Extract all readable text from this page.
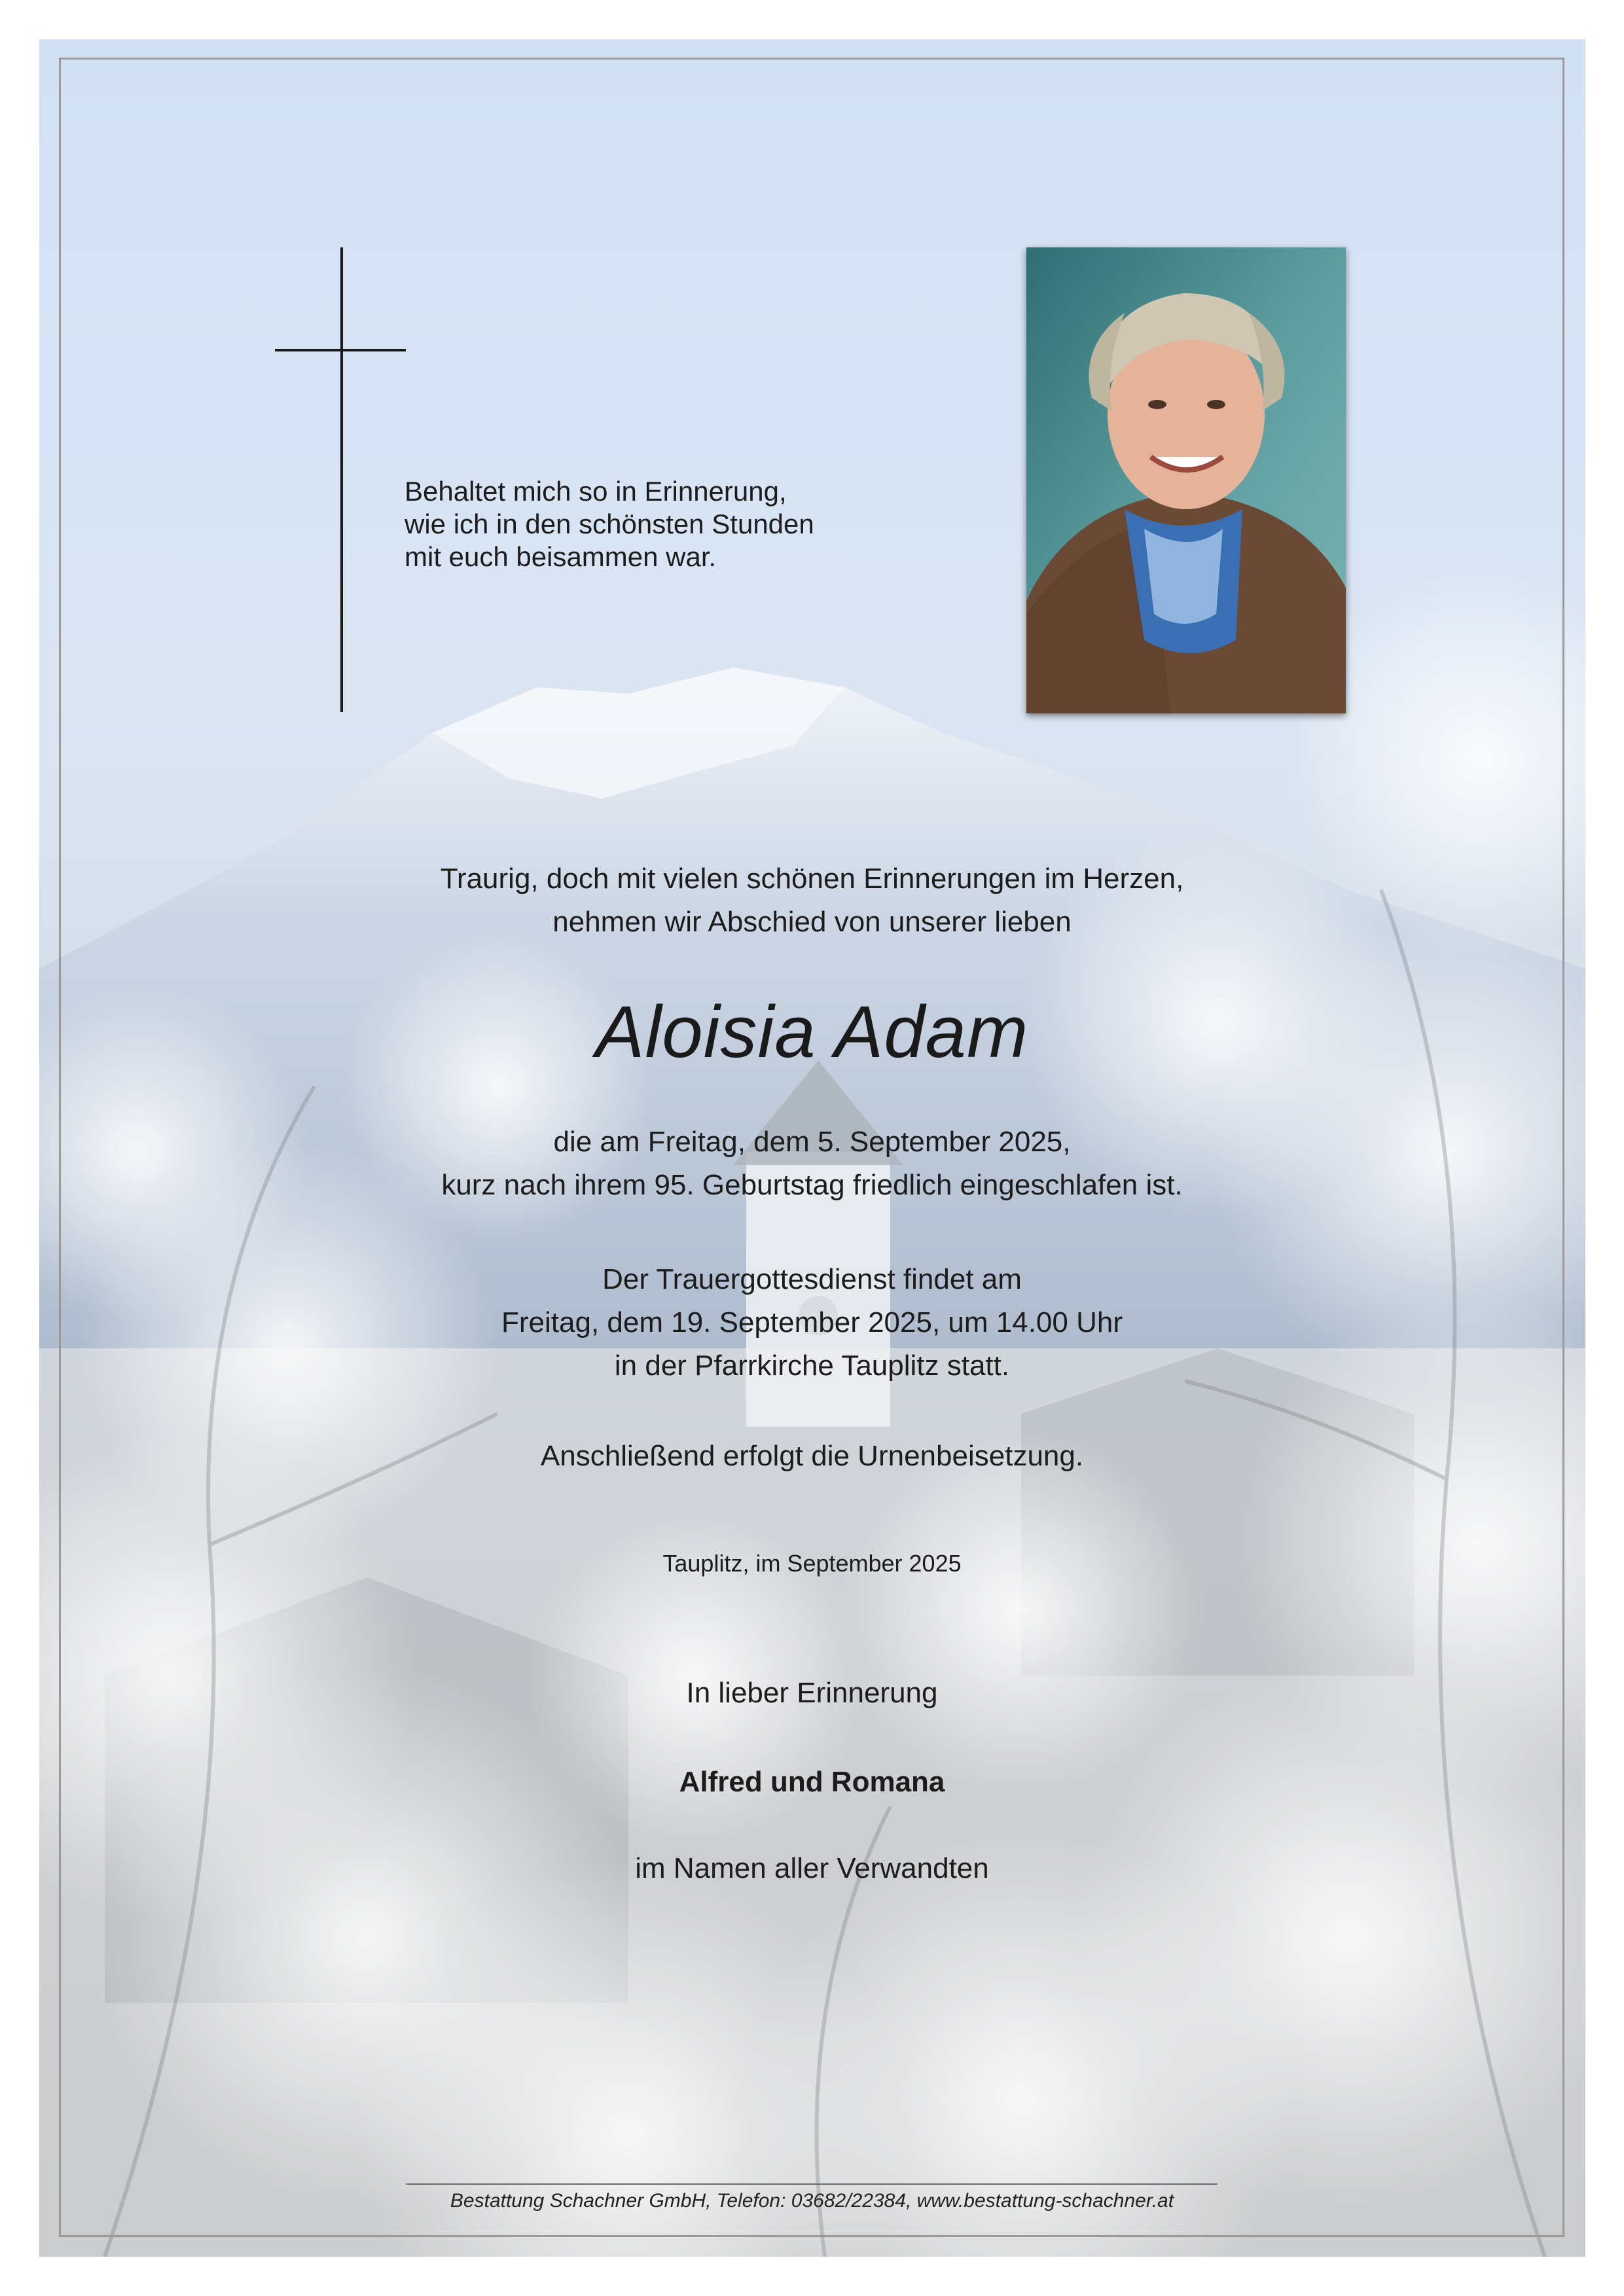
Behaltet mich so in Erinnerung,
wie ich in den schönsten Stunden
mit euch beisammen war.
Traurig, doch mit vielen schönen Erinnerungen im Herzen,
nehmen wir Abschied von unserer lieben
Aloisia Adam
die am Freitag, dem 5. September 2025,
kurz nach ihrem 95. Geburtstag friedlich eingeschlafen ist.
Der Trauergottesdienst findet am
Freitag, dem 19. September 2025, um 14.00 Uhr
in der Pfarrkirche Tauplitz statt.
Anschließend erfolgt die Urnenbeisetzung.
Tauplitz, im September 2025
In lieber Erinnerung
Alfred und Romana
im Namen aller Verwandten
Bestattung Schachner GmbH, Telefon: 03682/22384, www.bestattung-schachner.at
